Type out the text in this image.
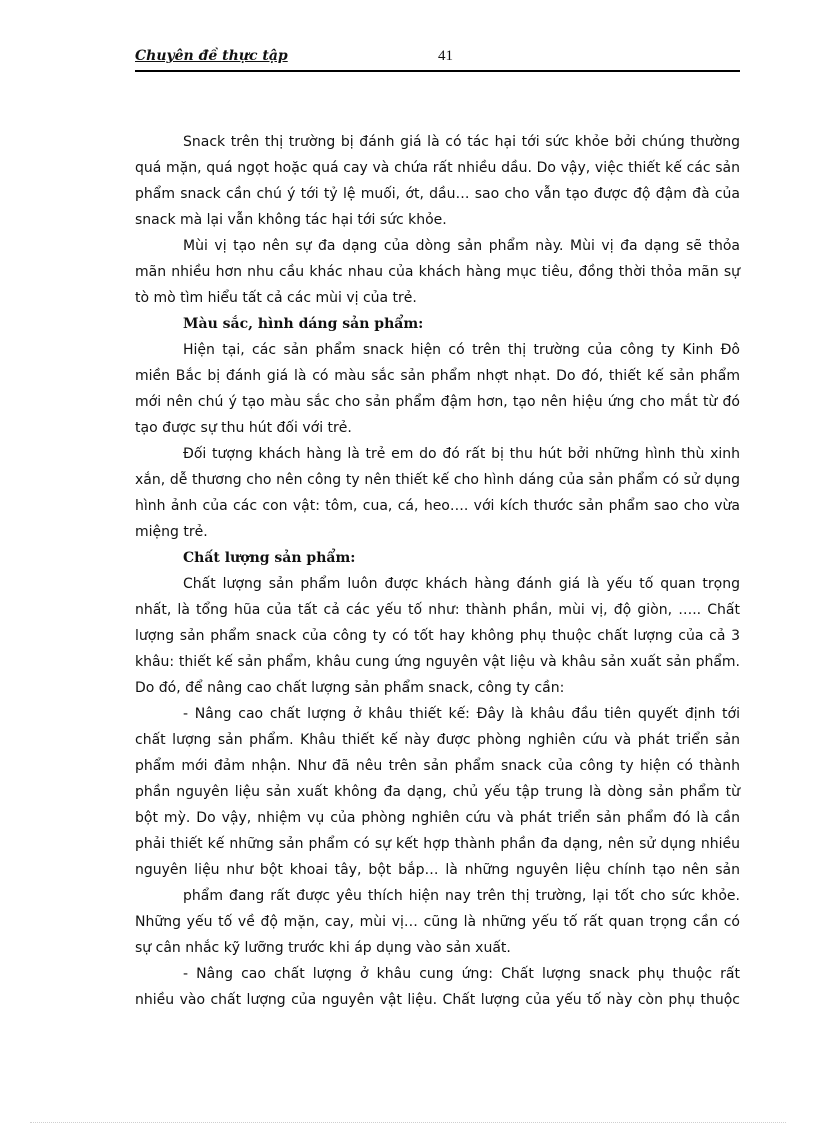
Chuyên đề thực tập	41
Snack trên thị trường bị đánh giá là có tác hại tới sức khỏe bởi chúng thường
quá mặn, quá ngọt hoặc quá cay và chứa rất nhiều dầu. Do vậy, việc thiết kế các sản
phẩm snack cần chú ý tới tỷ lệ muối, ớt, dầu… sao cho vẫn tạo được độ đậm đà của
snack mà lại vẫn không tác hại tới sức khỏe.
Mùi vị tạo nên sự đa dạng của dòng sản phẩm này. Mùi vị đa dạng sẽ thỏa
mãn nhiều hơn nhu cầu khác nhau của khách hàng mục tiêu, đồng thời thỏa mãn sự
tò mò tìm hiểu tất cả các mùi vị của trẻ.
Màu sắc, hình dáng sản phẩm:
Hiện tại, các sản phẩm snack hiện có trên thị trường của công ty Kinh Đô
miền Bắc bị đánh giá là có màu sắc sản phẩm nhợt nhạt. Do đó, thiết kế sản phẩm
mới nên chú ý tạo màu sắc cho sản phẩm đậm hơn, tạo nên hiệu ứng cho mắt từ đó
tạo được sự thu hút đối với trẻ.
Đối tượng khách hàng là trẻ em do đó rất bị thu hút bởi những hình thù xinh
xắn, dễ thương cho nên công ty nên thiết kế cho hình dáng của sản phẩm có sử dụng
hình ảnh của các con vật: tôm, cua, cá, heo…. với kích thước sản phẩm sao cho vừa
miệng trẻ.
Chất lượng sản phẩm:
Chất lượng sản phẩm luôn được khách hàng đánh giá là yếu tố quan trọng
nhất, là tổng hũa của tất cả các yếu tố như: thành phần, mùi vị, độ giòn, ….. Chất
lượng sản phẩm snack của công ty có tốt hay không phụ thuộc chất lượng của cả 3
khâu: thiết kế sản phẩm, khâu cung ứng nguyên vật liệu và khâu sản xuất sản phẩm.
Do đó, để nâng cao chất lượng sản phẩm snack, công ty cần:
- Nâng cao chất lượng ở khâu thiết kế: Đây là khâu đầu tiên quyết định tới
chất lượng sản phẩm. Khâu thiết kế này được phòng nghiên cứu và phát triển sản
phẩm mới đảm nhận. Như đã nêu trên sản phẩm snack của công ty hiện có thành
phần nguyên liệu sản xuất không đa dạng, chủ yếu tập trung là dòng sản phẩm từ
bột mỳ. Do vậy, nhiệm vụ của phòng nghiên cứu và phát triển sản phẩm đó là cần
phải thiết kế những sản phẩm có sự kết hợp thành phần đa dạng, nên sử dụng nhiều
nguyên liệu như bột khoai tây, bột bắp… là những nguyên liệu chính tạo nên sản
phẩm đang rất được yêu thích hiện nay trên thị trường, lại tốt cho sức khỏe.
Những yếu tố về độ mặn, cay, mùi vị… cũng là những yếu tố rất quan trọng cần có
sự cân nhắc kỹ lưỡng trước khi áp dụng vào sản xuất.
- Nâng cao chất lượng ở khâu cung ứng: Chất lượng snack phụ thuộc rất
nhiều vào chất lượng của nguyên vật liệu. Chất lượng của yếu tố này còn phụ thuộc
